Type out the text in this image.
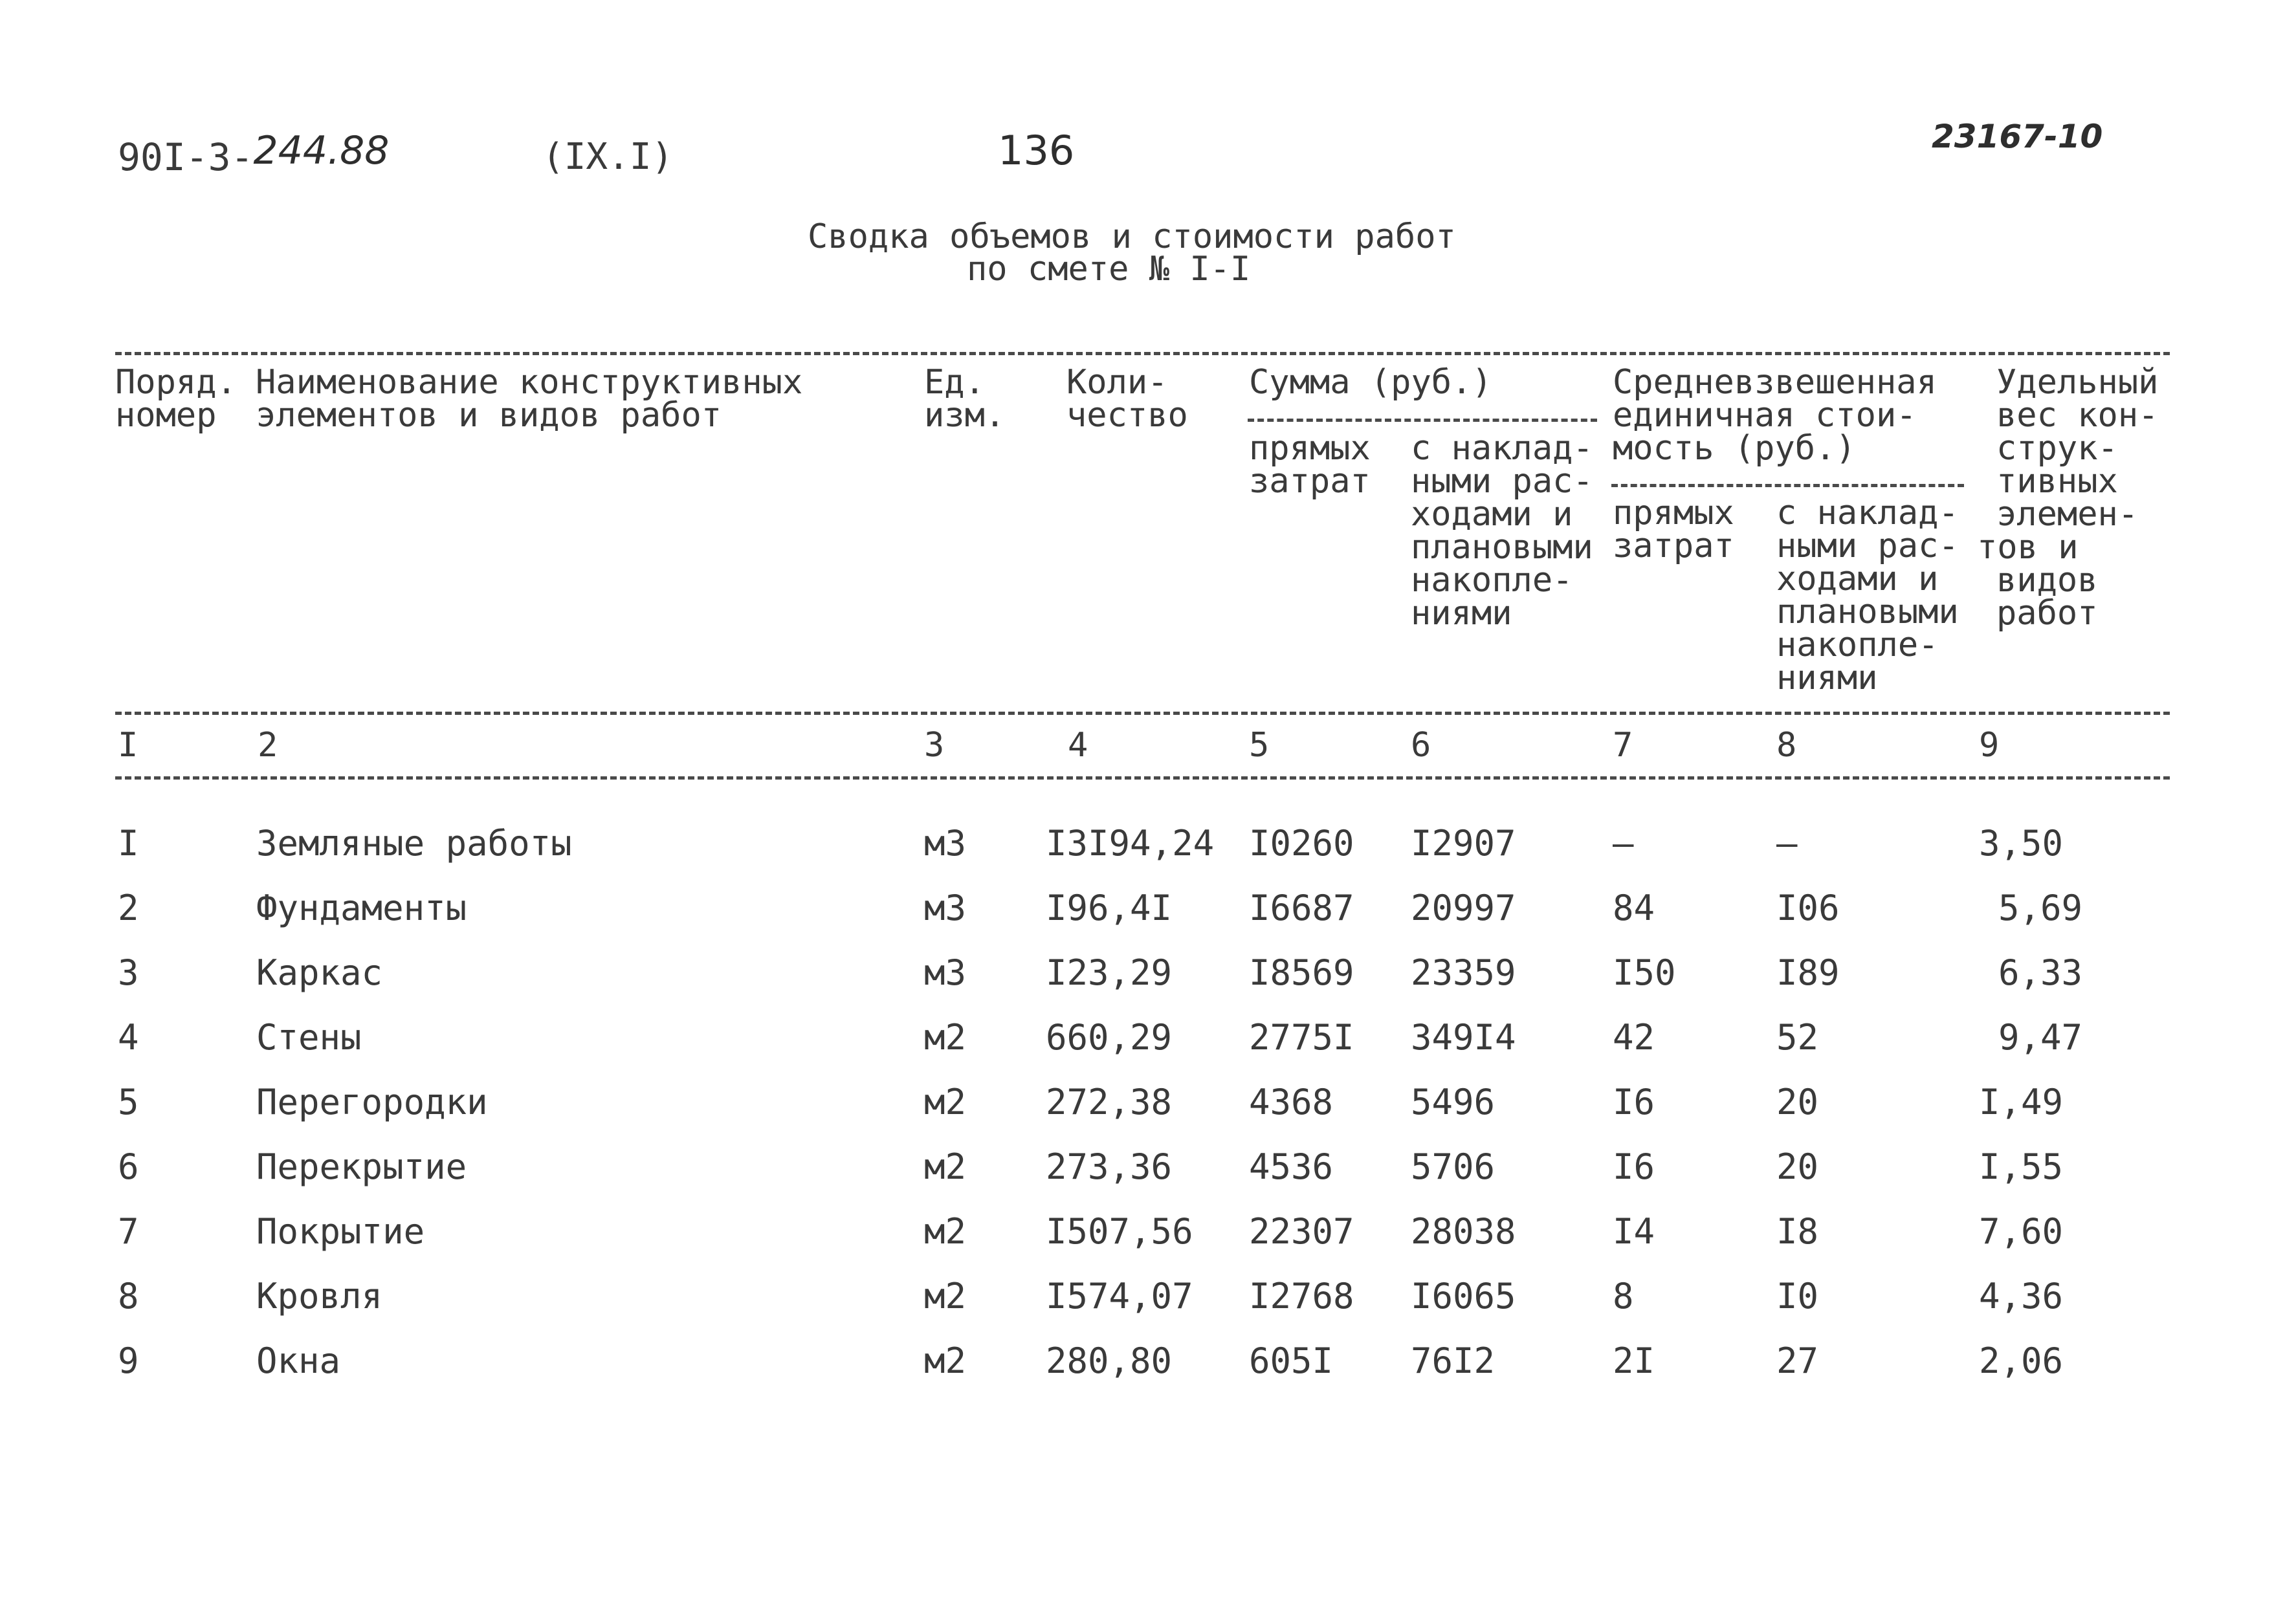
90I-3-244.88	(IX.I)	136	23167-10
Сводка объемов и стоимости работ
по смете № I-I
Поряд.
номер
Наименование конструктивных
элементов и видов работ
Ед.
изм.
Коли-
чество
Сумма (руб.)
прямых
затрат
с наклад-
ными рас-
ходами и
плановыми
накопле-
ниями
Средневзвешенная
единичная стои-
мость (руб.)
прямых
затрат
с наклад-
ными рас-
ходами и
плановыми
накопле-
ниями
Удельный
вес кон-
струк-
тивных
элемен-
тов и
видов
работ
I	2	3	4	5	6	7	8	9
I	Земляные работы	м3 I3I94,24 I0260 I2907	–	–	3,50
2	Фундаменты	м3 I96,4I I6687 20997	84	I06	5,69
3	Каркас	м3 I23,29 I8569 23359	I50	I89	6,33
4	Стены	м2 660,29 2775I 349I4	42	52	9,47
5	Перегородки	м2 272,38 4368 5496	I6	20	I,49
6	Перекрытие	м2 273,36 4536 5706	I6	20	I,55
7	Покрытие	м2 I507,56 22307 28038	I4	I8	7,60
8	Кровля	м2 I574,07 I2768 I6065	8	I0	4,36
9	Окна	м2 280,80 605I 76I2	2I	27	2,06
